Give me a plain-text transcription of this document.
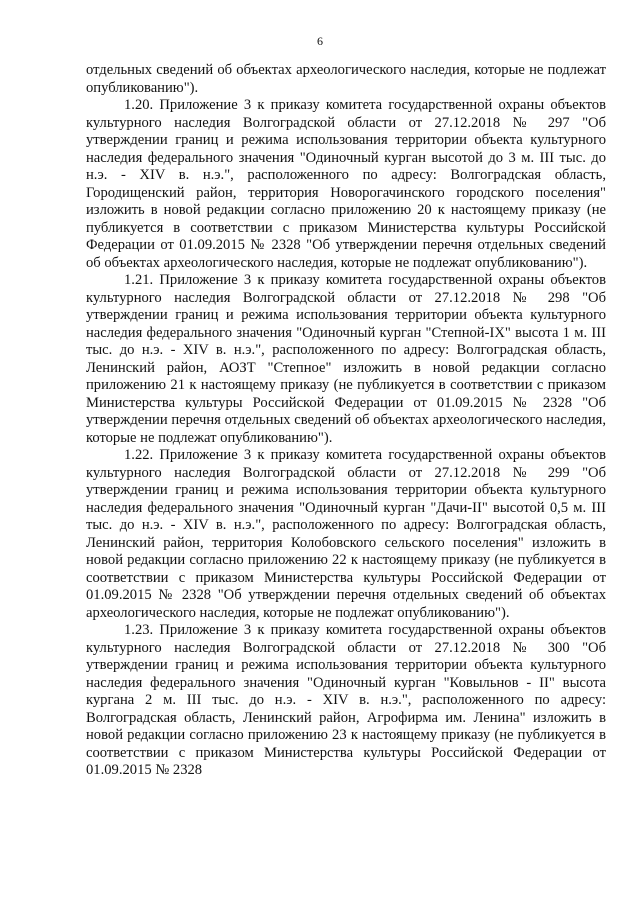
6

отдельных сведений об объектах археологического наследия, которые не подлежат опубликованию").

1.20. Приложение 3 к приказу комитета государственной охраны объектов культурного наследия Волгоградской области от 27.12.2018 № 297 "Об утверждении границ и режима использования территории объекта культурного наследия федерального значения "Одиночный курган высотой до 3 м. III тыс. до н.э. - XIV в. н.э.", расположенного по адресу: Волгоградская область, Городищенский район, территория Новорогачинского городского поселения" изложить в новой редакции согласно приложению 20 к настоящему приказу (не публикуется в соответствии с приказом Министерства культуры Российской Федерации от 01.09.2015 № 2328 "Об утверждении перечня отдельных сведений об объектах археологического наследия, которые не подлежат опубликованию").

1.21. Приложение 3 к приказу комитета государственной охраны объектов культурного наследия Волгоградской области от 27.12.2018 № 298 "Об утверждении границ и режима использования территории объекта культурного наследия федерального значения "Одиночный курган "Степной-IX" высота 1 м. III тыс. до н.э. - XIV в. н.э.", расположенного по адресу: Волгоградская область, Ленинский район, АОЗТ "Степное" изложить в новой редакции согласно приложению 21 к настоящему приказу (не публикуется в соответствии с приказом Министерства культуры Российской Федерации от 01.09.2015 № 2328 "Об утверждении перечня отдельных сведений об объектах археологического наследия, которые не подлежат опубликованию").

1.22. Приложение 3 к приказу комитета государственной охраны объектов культурного наследия Волгоградской области от 27.12.2018 № 299 "Об утверждении границ и режима использования территории объекта культурного наследия федерального значения "Одиночный курган "Дачи-II" высотой 0,5 м. III тыс. до н.э. - XIV в. н.э.", расположенного по адресу: Волгоградская область, Ленинский район, территория Колобовского сельского поселения" изложить в новой редакции согласно приложению 22 к настоящему приказу (не публикуется в соответствии с приказом Министерства культуры Российской Федерации от 01.09.2015 № 2328 "Об утверждении перечня отдельных сведений об объектах археологического наследия, которые не подлежат опубликованию").

1.23. Приложение 3 к приказу комитета государственной охраны объектов культурного наследия Волгоградской области от 27.12.2018 № 300 "Об утверждении границ и режима использования территории объекта культурного наследия федерального значения "Одиночный курган "Ковыльнов - II" высота кургана 2 м. III тыс. до н.э. - XIV в. н.э.", расположенного по адресу: Волгоградская область, Ленинский район, Агрофирма им. Ленина" изложить в новой редакции согласно приложению 23 к настоящему приказу (не публикуется в соответствии с приказом Министерства культуры Российской Федерации от 01.09.2015 № 2328
